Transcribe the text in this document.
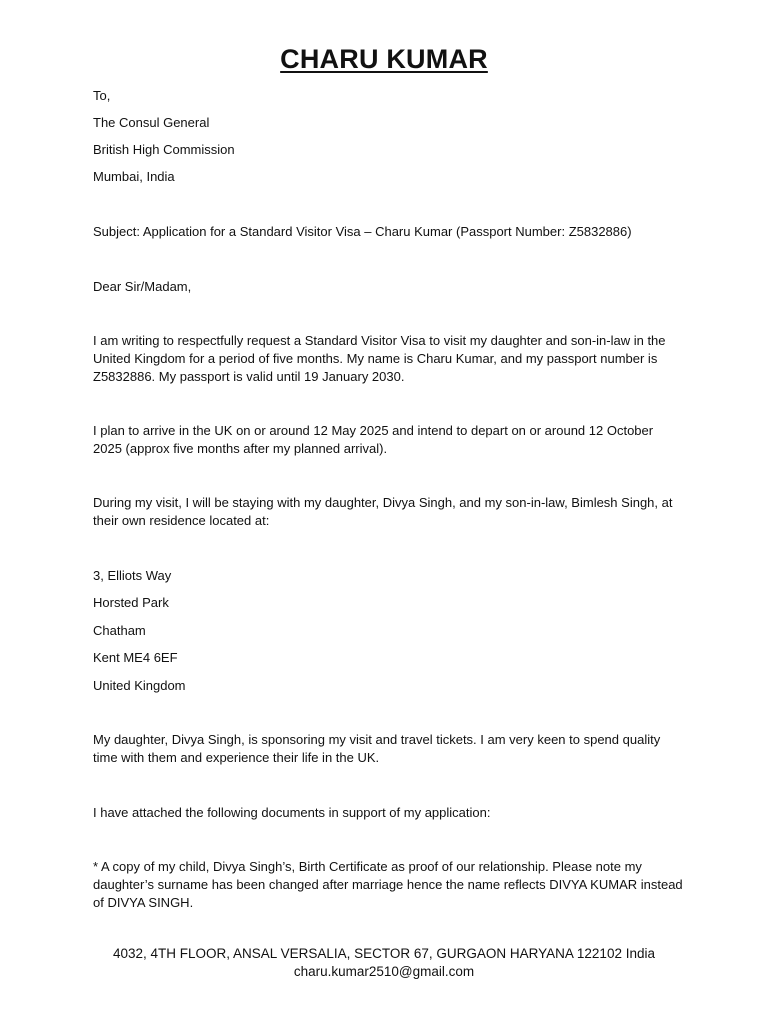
CHARU KUMAR

To,

The Consul General

British High Commission

Mumbai, India

Subject: Application for a Standard Visitor Visa – Charu Kumar (Passport Number: Z5832886)

Dear Sir/Madam,

I am writing to respectfully request a Standard Visitor Visa to visit my daughter and son-in-law in the United Kingdom for a period of five months. My name is Charu Kumar, and my passport number is Z5832886. My passport is valid until 19 January 2030.

I plan to arrive in the UK on or around 12 May 2025 and intend to depart on or around 12 October 2025 (approx five months after my planned arrival).

During my visit, I will be staying with my daughter, Divya Singh, and my son-in-law, Bimlesh Singh, at their own residence located at:

3, Elliots Way

Horsted Park

Chatham

Kent ME4 6EF

United Kingdom

My daughter, Divya Singh, is sponsoring my visit and travel tickets. I am very keen to spend quality time with them and experience their life in the UK.

I have attached the following documents in support of my application:

* A copy of my child, Divya Singh’s, Birth Certificate as proof of our relationship. Please note my daughter’s surname has been changed after marriage hence the name reflects DIVYA KUMAR instead of DIVYA SINGH.

4032, 4TH FLOOR, ANSAL VERSALIA, SECTOR 67, GURGAON HARYANA 122102 India
charu.kumar2510@gmail.com
